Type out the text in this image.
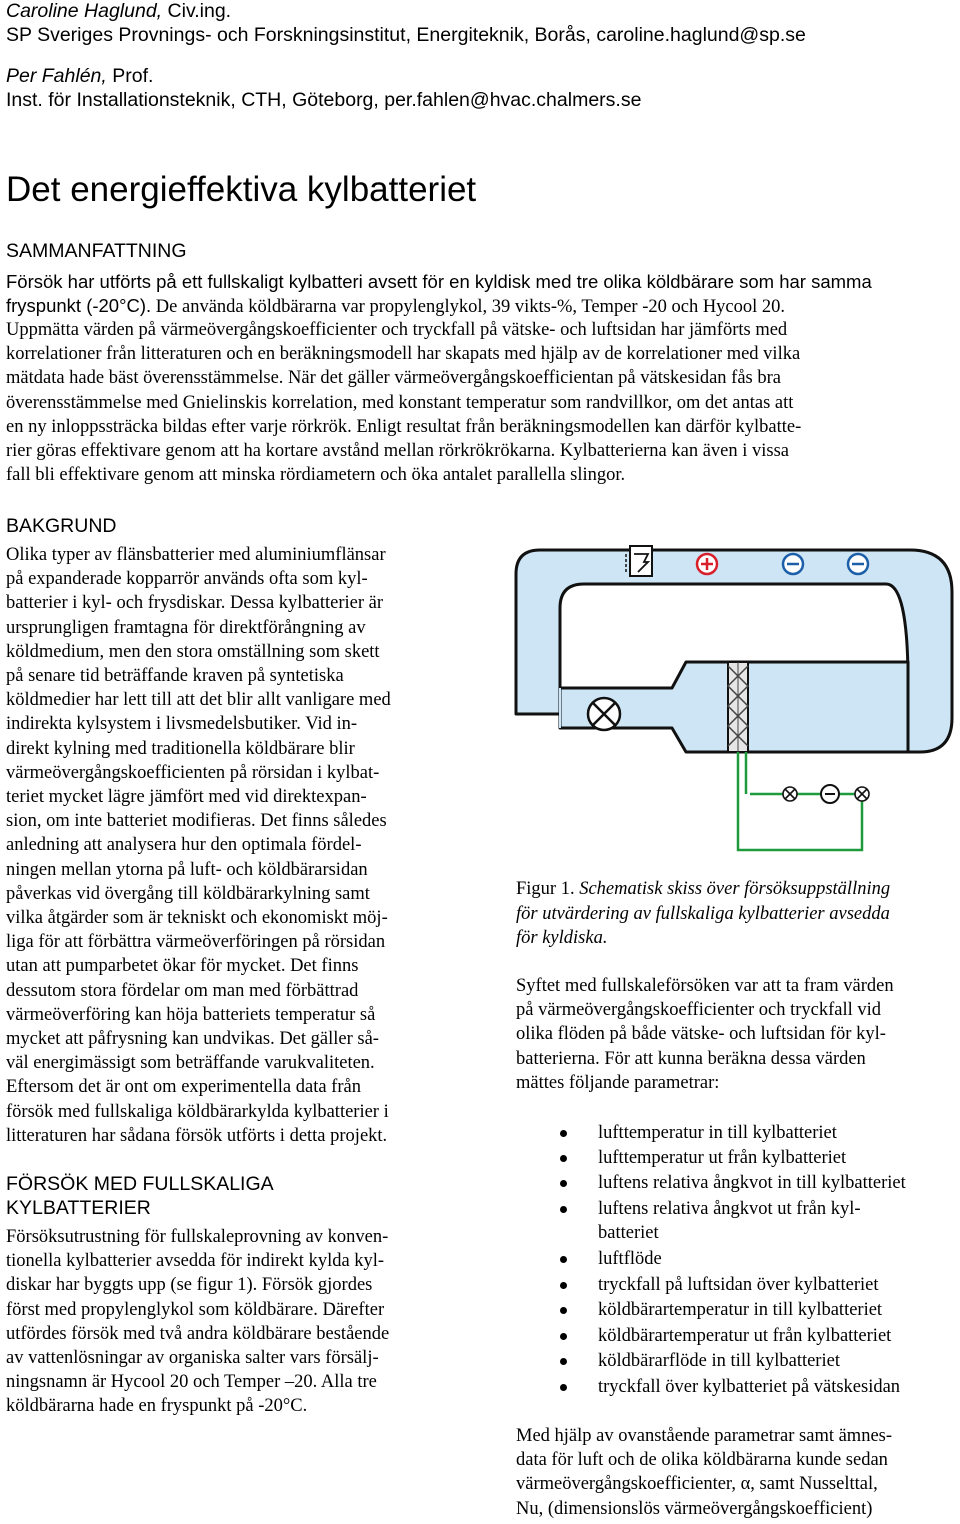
Caroline Haglund, Civ.ing.
SP Sveriges Provnings- och Forskningsinstitut, Energiteknik, Borås, caroline.haglund@sp.se
Per Fahlén, Prof.
Inst. för Installationsteknik, CTH, Göteborg, per.fahlen@hvac.chalmers.se
Det energieffektiva kylbatteriet
SAMMANFATTNING
Försök har utförts på ett fullskaligt kylbatteri avsett för en kyldisk med tre olika köldbärare som har samma
fryspunkt (-20°C). De använda köldbärarna var propylenglykol, 39 vikts-%, Temper -20 och Hycool 20.
Uppmätta värden på värmeövergångskoefficienter och tryckfall på vätske- och luftsidan har jämförts med
korrelationer från litteraturen och en beräkningsmodell har skapats med hjälp av de korrelationer med vilka
mätdata hade bäst överensstämmelse. När det gäller värmeövergångskoefficientan på vätskesidan fås bra
överensstämmelse med Gnielinskis korrelation, med konstant temperatur som randvillkor, om det antas att
en ny inloppssträcka bildas efter varje rörkrök. Enligt resultat från beräkningsmodellen kan därför kylbatte-
rier göras effektivare genom att ha kortare avstånd mellan rörkrökrökarna. Kylbatterierna kan även i vissa
fall bli effektivare genom att minska rördiametern och öka antalet parallella slingor.
BAKGRUND
Olika typer av flänsbatterier med aluminiumflänsar
på expanderade kopparrör används ofta som kyl-
batterier i kyl- och frysdiskar. Dessa kylbatterier är
ursprungligen framtagna för direktförångning av
köldmedium, men den stora omställning som skett
på senare tid beträffande kraven på syntetiska
köldmedier har lett till att det blir allt vanligare med
indirekta kylsystem i livsmedelsbutiker. Vid in-
direkt kylning med traditionella köldbärare blir
värmeövergångskoefficienten på rörsidan i kylbat-
teriet mycket lägre jämfört med vid direktexpan-
sion, om inte batteriet modifieras. Det finns således
anledning att analysera hur den optimala fördel-
ningen mellan ytorna på luft- och köldbärarsidan
påverkas vid övergång till köldbärarkylning samt
vilka åtgärder som är tekniskt och ekonomiskt möj-
liga för att förbättra värmeöverföringen på rörsidan
utan att pumparbetet ökar för mycket. Det finns
dessutom stora fördelar om man med förbättrad
värmeöverföring kan höja batteriets temperatur så
mycket att påfrysning kan undvikas. Det gäller så-
väl energimässigt som beträffande varukvaliteten.
Eftersom det är ont om experimentella data från
försök med fullskaliga köldbärarkylda kylbatterier i
litteraturen har sådana försök utförts i detta projekt.
FÖRSÖK MED FULLSKALIGA
KYLBATTERIER
Försöksutrustning för fullskaleprovning av konven-
tionella kylbatterier avsedda för indirekt kylda kyl-
diskar har byggts upp (se figur 1). Försök gjordes
först med propylenglykol som köldbärare. Därefter
utfördes försök med två andra köldbärare bestående
av vattenlösningar av organiska salter vars försälj-
ningsnamn är Hycool 20 och Temper –20. Alla tre
köldbärarna hade en fryspunkt på -20°C.
Figur 1. Schematisk skiss över försöksuppställning
för utvärdering av fullskaliga kylbatterier avsedda
för kyldiska.
Syftet med fullskaleförsöken var att ta fram värden
på värmeövergångskoefficienter och tryckfall vid
olika flöden på både vätske- och luftsidan för kyl-
batterierna. För att kunna beräkna dessa värden
mättes följande parametrar:
lufttemperatur in till kylbatteriet
lufttemperatur ut från kylbatteriet
luftens relativa ångkvot in till kylbatteriet
luftens relativa ångkvot ut från kyl-
batteriet
luftflöde
tryckfall på luftsidan över kylbatteriet
köldbärartemperatur in till kylbatteriet
köldbärartemperatur ut från kylbatteriet
köldbärarflöde in till kylbatteriet
tryckfall över kylbatteriet på vätskesidan
Med hjälp av ovanstående parametrar samt ämnes-
data för luft och de olika köldbärarna kunde sedan
värmeövergångskoefficienter, α, samt Nusselttal,
Nu, (dimensionslös värmeövergångskoefficient)
